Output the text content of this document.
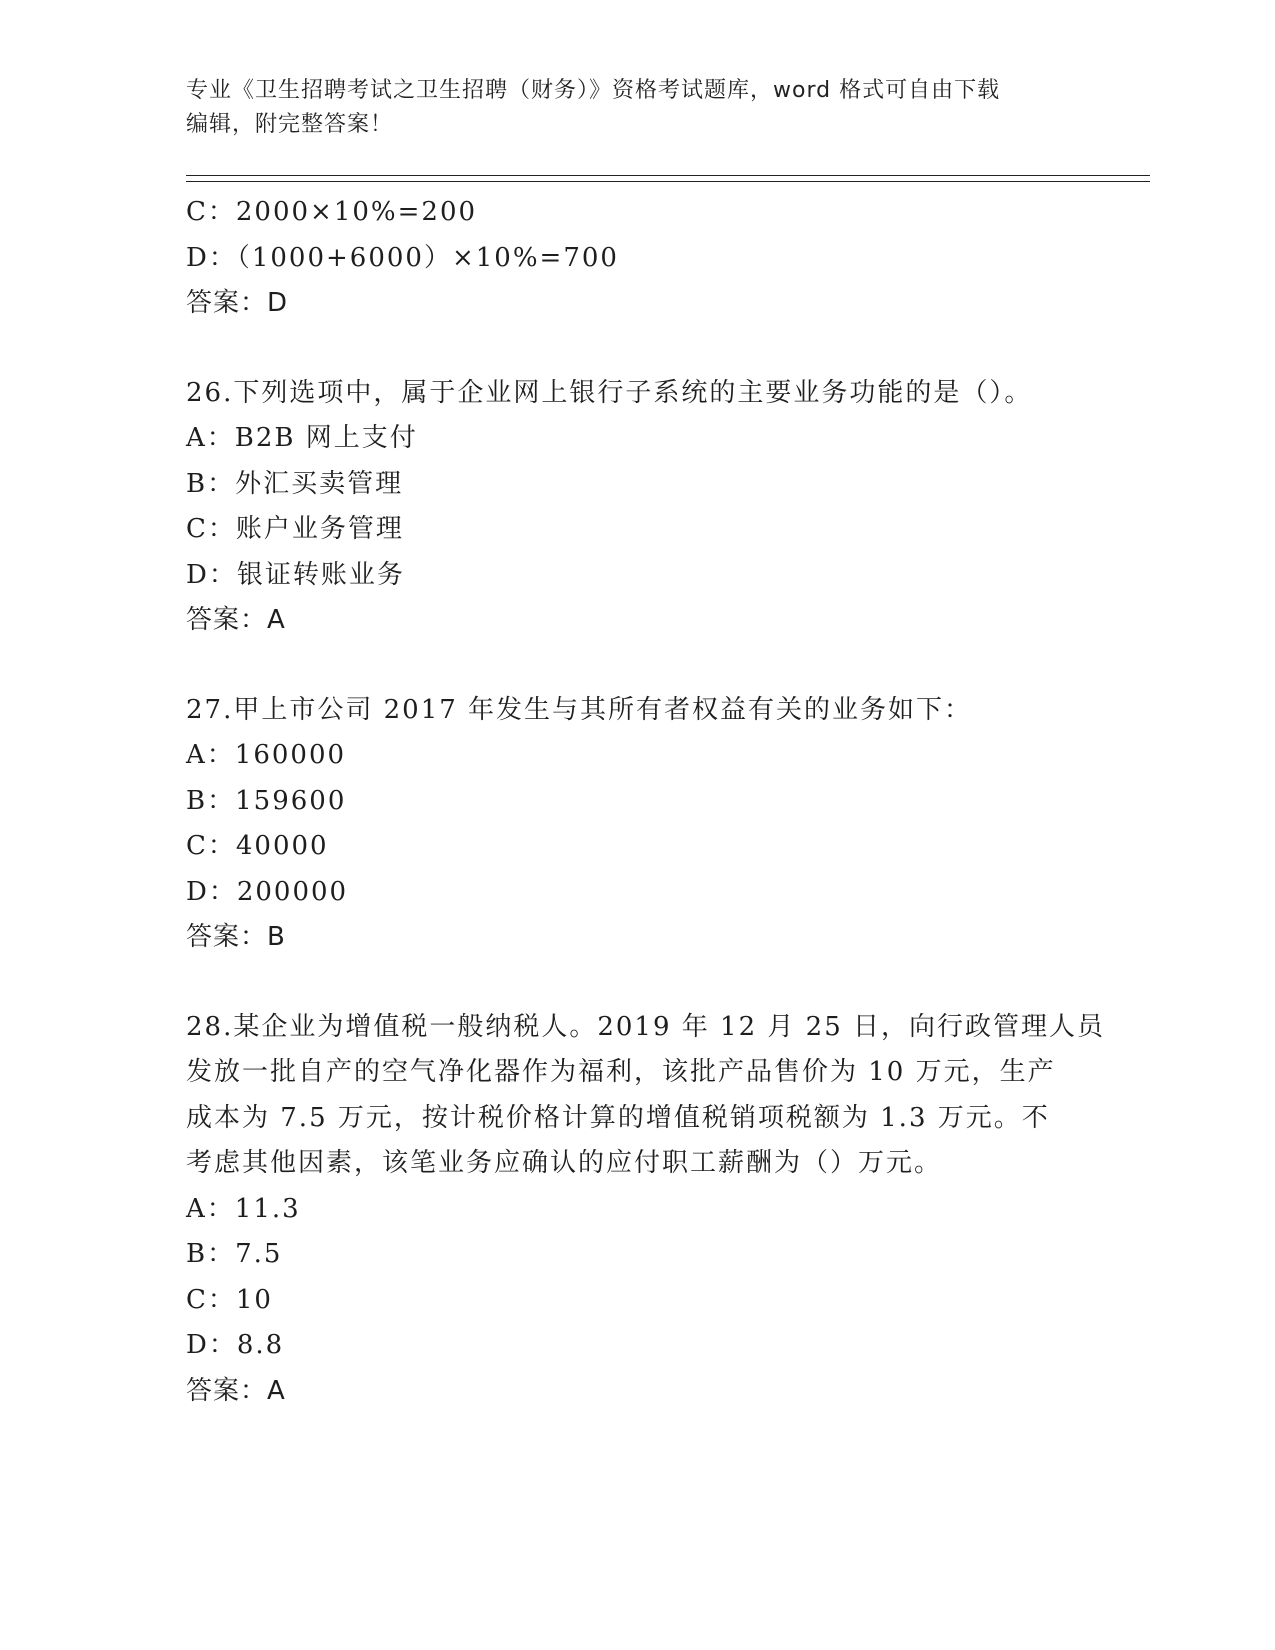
专业《卫生招聘考试之卫生招聘（财务）》资格考试题库，word 格式可自由下载
编辑，附完整答案！
C：2000×10%=200
D：（1000+6000）×10%=700
答案：D
26.下列选项中，属于企业网上银行子系统的主要业务功能的是（）。
A：B2B 网上支付
B：外汇买卖管理
C：账户业务管理
D：银证转账业务
答案：A
27.甲上市公司 2017 年发生与其所有者权益有关的业务如下：
A：160000
B：159600
C：40000
D：200000
答案：B
28.某企业为增值税一般纳税人。2019 年 12 月 25 日，向行政管理人员
发放一批自产的空气净化器作为福利，该批产品售价为 10 万元，生产
成本为 7.5 万元，按计税价格计算的增值税销项税额为 1.3 万元。不
考虑其他因素，该笔业务应确认的应付职工薪酬为（）万元。
A：11.3
B：7.5
C：10
D：8.8
答案：A
